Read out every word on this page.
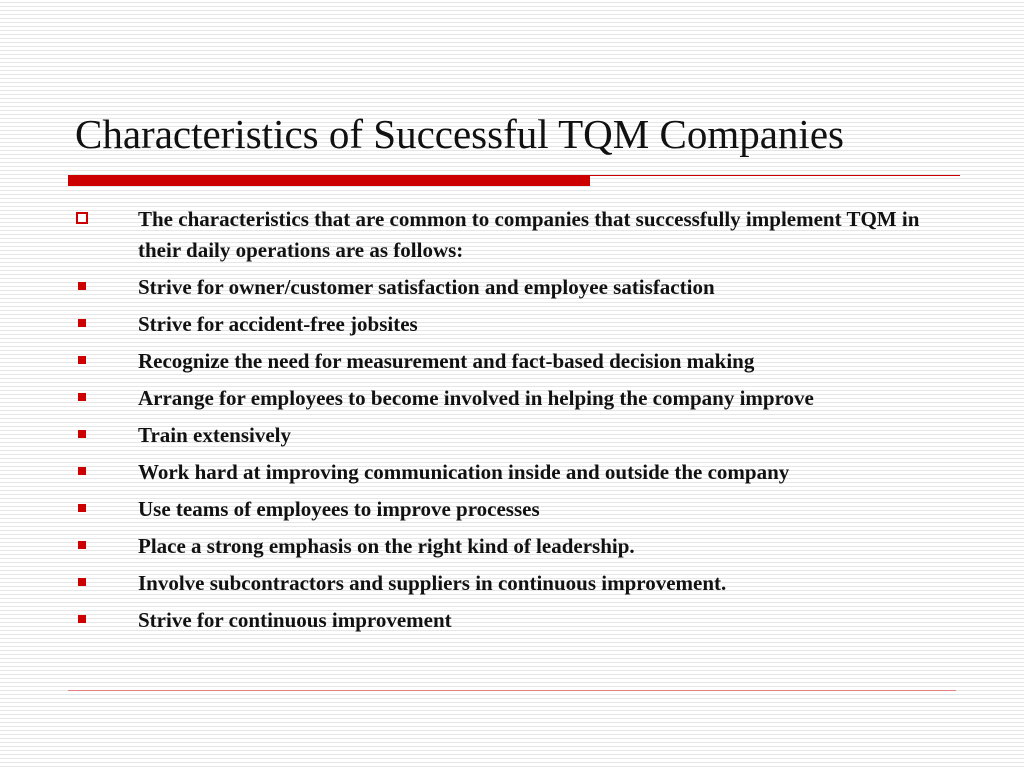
Characteristics of Successful TQM Companies
The characteristics that are common to companies that successfully implement TQM in their daily operations are as follows:
Strive for owner/customer satisfaction and employee satisfaction
Strive for accident-free jobsites
Recognize the need for measurement and fact-based decision making
Arrange for employees to become involved in helping the company improve
Train extensively
Work hard at improving communication inside and outside the company
Use teams of employees to improve processes
Place a strong emphasis on the right kind of leadership.
Involve subcontractors and suppliers in continuous improvement.
Strive for continuous improvement
